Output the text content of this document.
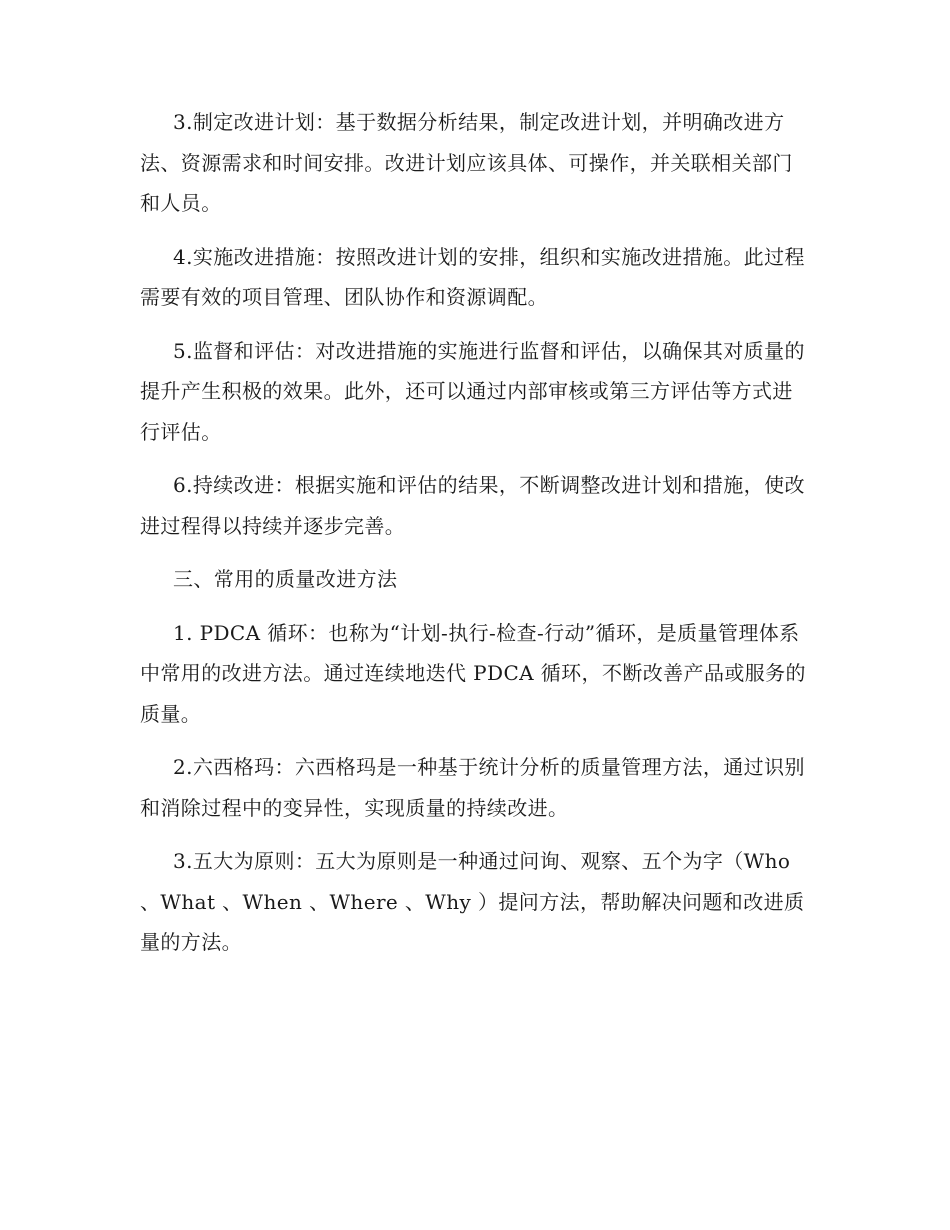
3.制定改进计划：基于数据分析结果，制定改进计划，并明确改进方法、资源需求和时间安排。改进计划应该具体、可操作，并关联相关部门和人员。

4.实施改进措施：按照改进计划的安排，组织和实施改进措施。此过程需要有效的项目管理、团队协作和资源调配。

5.监督和评估：对改进措施的实施进行监督和评估，以确保其对质量的提升产生积极的效果。此外，还可以通过内部审核或第三方评估等方式进行评估。

6.持续改进：根据实施和评估的结果，不断调整改进计划和措施，使改进过程得以持续并逐步完善。

三、常用的质量改进方法

1. PDCA 循环：也称为“计划-执行-检查-行动”循环，是质量管理体系中常用的改进方法。通过连续地迭代 PDCA 循环，不断改善产品或服务的质量。

2.六西格玛：六西格玛是一种基于统计分析的质量管理方法，通过识别和消除过程中的变异性，实现质量的持续改进。

3.五大为原则：五大为原则是一种通过问询、观察、五个为字（Who 、What 、When 、Where 、Why ）提问方法，帮助解决问题和改进质量的方法。
